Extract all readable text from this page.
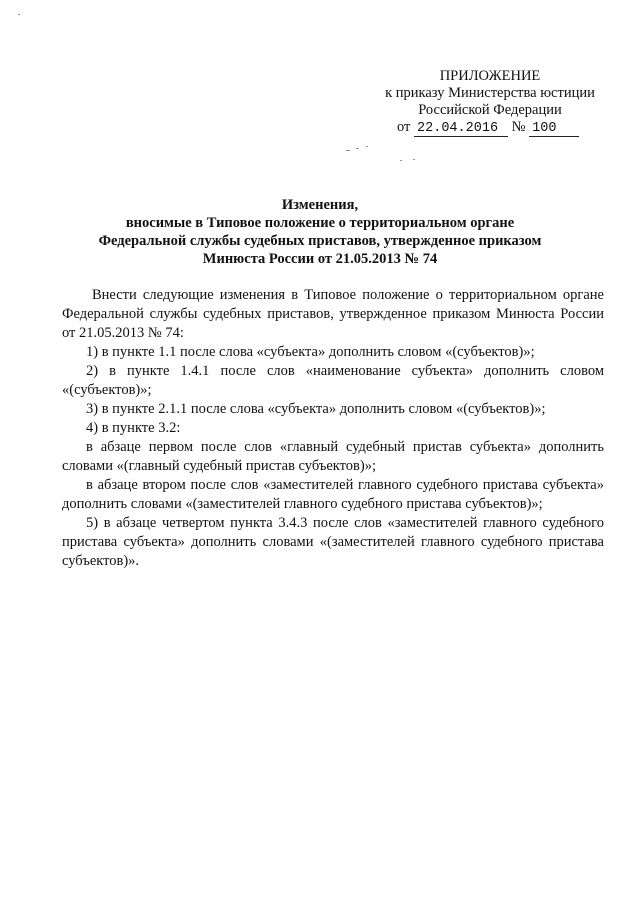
ПРИЛОЖЕНИЕ
к приказу Министерства юстиции
Российской Федерации
от 22.04.2016 № 100
Изменения,
вносимые в Типовое положение о территориальном органе
Федеральной службы судебных приставов, утвержденное приказом
Минюста России от 21.05.2013 № 74

Внести следующие изменения в Типовое положение о территориальном органе Федеральной службы судебных приставов, утвержденное приказом Минюста России от 21.05.2013 № 74:

1) в пункте 1.1 после слова «субъекта» дополнить словом «(субъектов)»;

2) в пункте 1.4.1 после слов «наименование субъекта» дополнить словом «(субъектов)»;

3) в пункте 2.1.1 после слова «субъекта» дополнить словом «(субъектов)»;

4) в пункте 3.2:

в абзаце первом после слов «главный судебный пристав субъекта» дополнить словами «(главный судебный пристав субъектов)»;

в абзаце втором после слов «заместителей главного судебного пристава субъекта» дополнить словами «(заместителей главного судебного пристава субъектов)»;

5) в абзаце четвертом пункта 3.4.3 после слов «заместителей главного судебного пристава субъекта» дополнить словами «(заместителей главного судебного пристава субъектов)».
